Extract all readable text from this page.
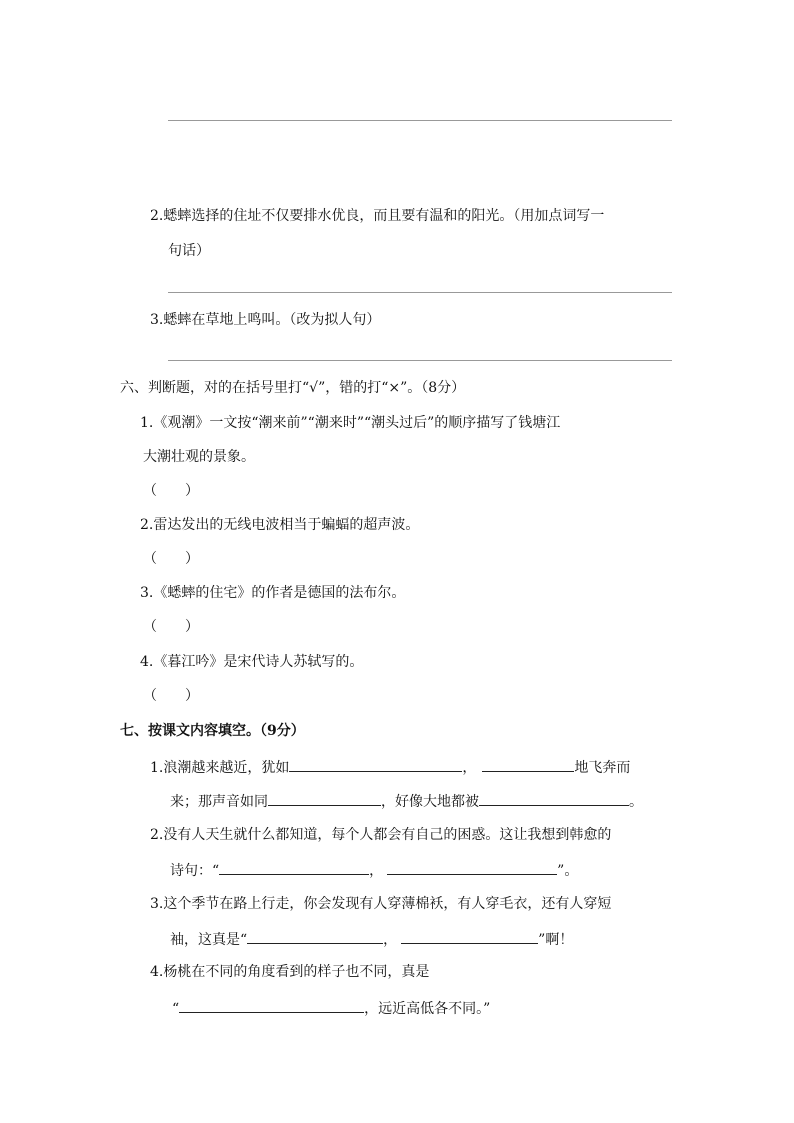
2.蟋蟀选择的住址不仅要排水优良，而且要有温和的阳光。（用加点词写一
句话）
3.蟋蟀在草地上鸣叫。（改为拟人句）
六、判断题，对的在括号里打“√”，错的打“×”。（8分）
1.《观潮》一文按“潮来前”“潮来时”“潮头过后”的顺序描写了钱塘江
大潮壮观的景象。
（　　）
2.雷达发出的无线电波相当于蝙蝠的超声波。
（　　）
3.《蟋蟀的住宅》的作者是德国的法布尔。
（　　）
4.《暮江吟》是宋代诗人苏轼写的。
（　　）
七、按课文内容填空。（9分）
1.浪潮越来越近，犹如	，	地飞奔而
来；那声音如同	，好像大地都被	。
2.没有人天生就什么都知道，每个人都会有自己的困惑。这让我想到韩愈的
诗句：“	，	”。
3.这个季节在路上行走，你会发现有人穿薄棉袄，有人穿毛衣，还有人穿短
袖，这真是“	，	”啊！
4.杨桃在不同的角度看到的样子也不同，真是
“	，远近高低各不同。”
